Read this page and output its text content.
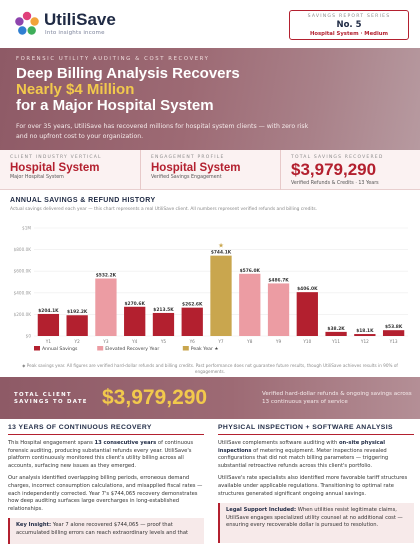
UtiliSave
Into insights income
SAVINGS REPORT SERIES
No. 5
Hospital System · Medium
FORENSIC UTILITY AUDITING & COST RECOVERY
Deep Billing Analysis Recovers
Nearly $4 Million
for a Major Hospital System
For over 35 years, UtiliSave has recovered millions for hospital system clients — with zero risk and no upfront cost to your organization.
CLIENT INDUSTRY VERTICAL
Hospital System
Major Hospital System
ENGAGEMENT PROFILE
Hospital System
Verified Savings Engagement
TOTAL SAVINGS RECOVERED
$3,979,290
Verified Refunds & Credits · 13 Years
ANNUAL SAVINGS & REFUND HISTORY
Actual savings delivered each year — this chart represents a real UtiliSave client. All numbers represent verified refunds and billing credits.
$0
$200.0K
$400.0K
$600.0K
$800.0K
$1M
$204.1K
Y1
$192.2K
Y2
$532.2K
Y3
$270.6K
Y4
$213.5K
Y5
$262.6K
Y6
$744.1K
★
Y7
$576.0K
Y8
$486.7K
Y9
$406.0K
Y10
$38.2K
Y11
$18.1K
Y12
$53.8K
Y13
Annual Savings	Elevated Recovery Year	Peak Year ★
◆ Peak savings year. All figures are verified hard-dollar refunds and billing credits. Past performance does not guarantee future results, though UtiliSave achieves results in 90% of engagements.
TOTAL CLIENT
SAVINGS TO DATE $3,979,290	Verified hard-dollar refunds & ongoing savings across 13 continuous years of service
13 YEARS OF CONTINUOUS RECOVERY
This Hospital engagement spans 13 consecutive years of continuous forensic auditing, producing substantial refunds every year. UtiliSave's platform continuously monitored this client's utility billing across all accounts, surfacing new issues as they emerged.
Our analysis identified overlapping billing periods, erroneous demand charges, incorrect consumption calculations, and misapplied fiscal rates — each independently corrected. Year 7's $744,065 recovery demonstrates how deep auditing surfaces large overcharges in long-established relationships.
Key Insight: Year 7 alone recovered $744,065 — proof that accumulated billing errors can reach extraordinary levels and that
PHYSICAL INSPECTION + SOFTWARE ANALYSIS
UtiliSave complements software auditing with on-site physical inspections of metering equipment. Meter inspections revealed configurations that did not match billing parameters — triggering substantial retroactive refunds across this client's portfolio.
UtiliSave's rate specialists also identified more favorable tariff structures available under applicable regulations. Transitioning to optimal rate structures generated significant ongoing annual savings.
Legal Support Included: When utilities resist legitimate claims, UtiliSave engages specialized utility counsel at no additional cost — ensuring every recoverable dollar is pursued to resolution.
